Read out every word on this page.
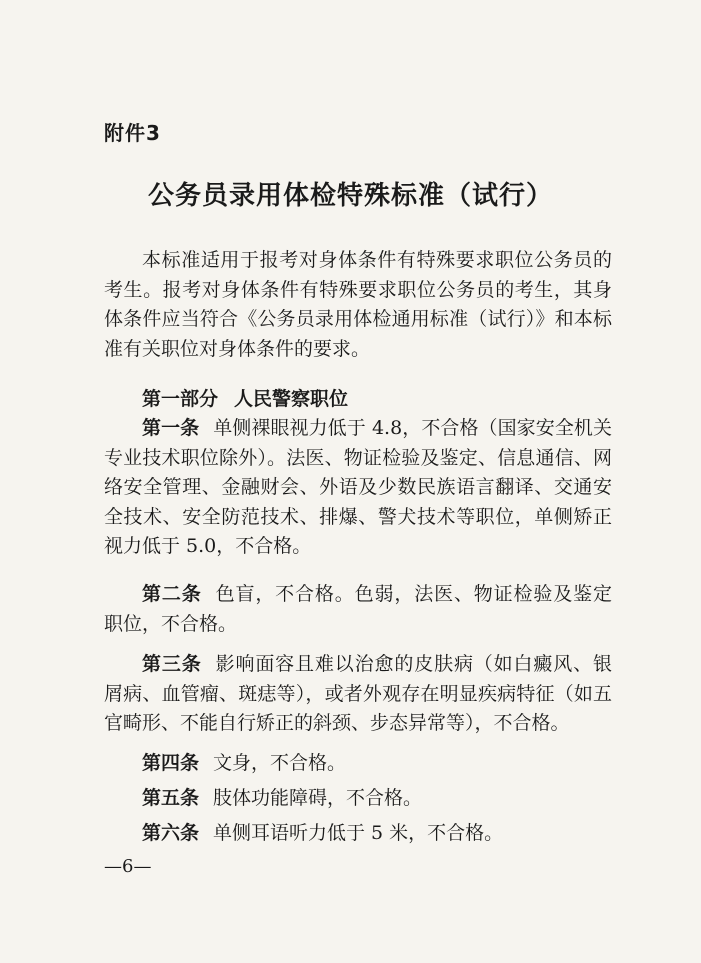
附件3
公务员录用体检特殊标准（试行）

本标准适用于报考对身体条件有特殊要求职位公务员的考生。报考对身体条件有特殊要求职位公务员的考生，其身体条件应当符合《公务员录用体检通用标准（试行）》和本标准有关职位对身体条件的要求。

第一部分 人民警察职位

第一条 单侧裸眼视力低于 4.8，不合格（国家安全机关专业技术职位除外）。法医、物证检验及鉴定、信息通信、网络安全管理、金融财会、外语及少数民族语言翻译、交通安全技术、安全防范技术、排爆、警犬技术等职位，单侧矫正视力低于 5.0，不合格。

第二条 色盲，不合格。色弱，法医、物证检验及鉴定职位，不合格。

第三条 影响面容且难以治愈的皮肤病（如白癜风、银屑病、血管瘤、斑痣等），或者外观存在明显疾病特征（如五官畸形、不能自行矫正的斜颈、步态异常等），不合格。

第四条 文身，不合格。

第五条 肢体功能障碍，不合格。

第六条 单侧耳语听力低于 5 米，不合格。

—6—
